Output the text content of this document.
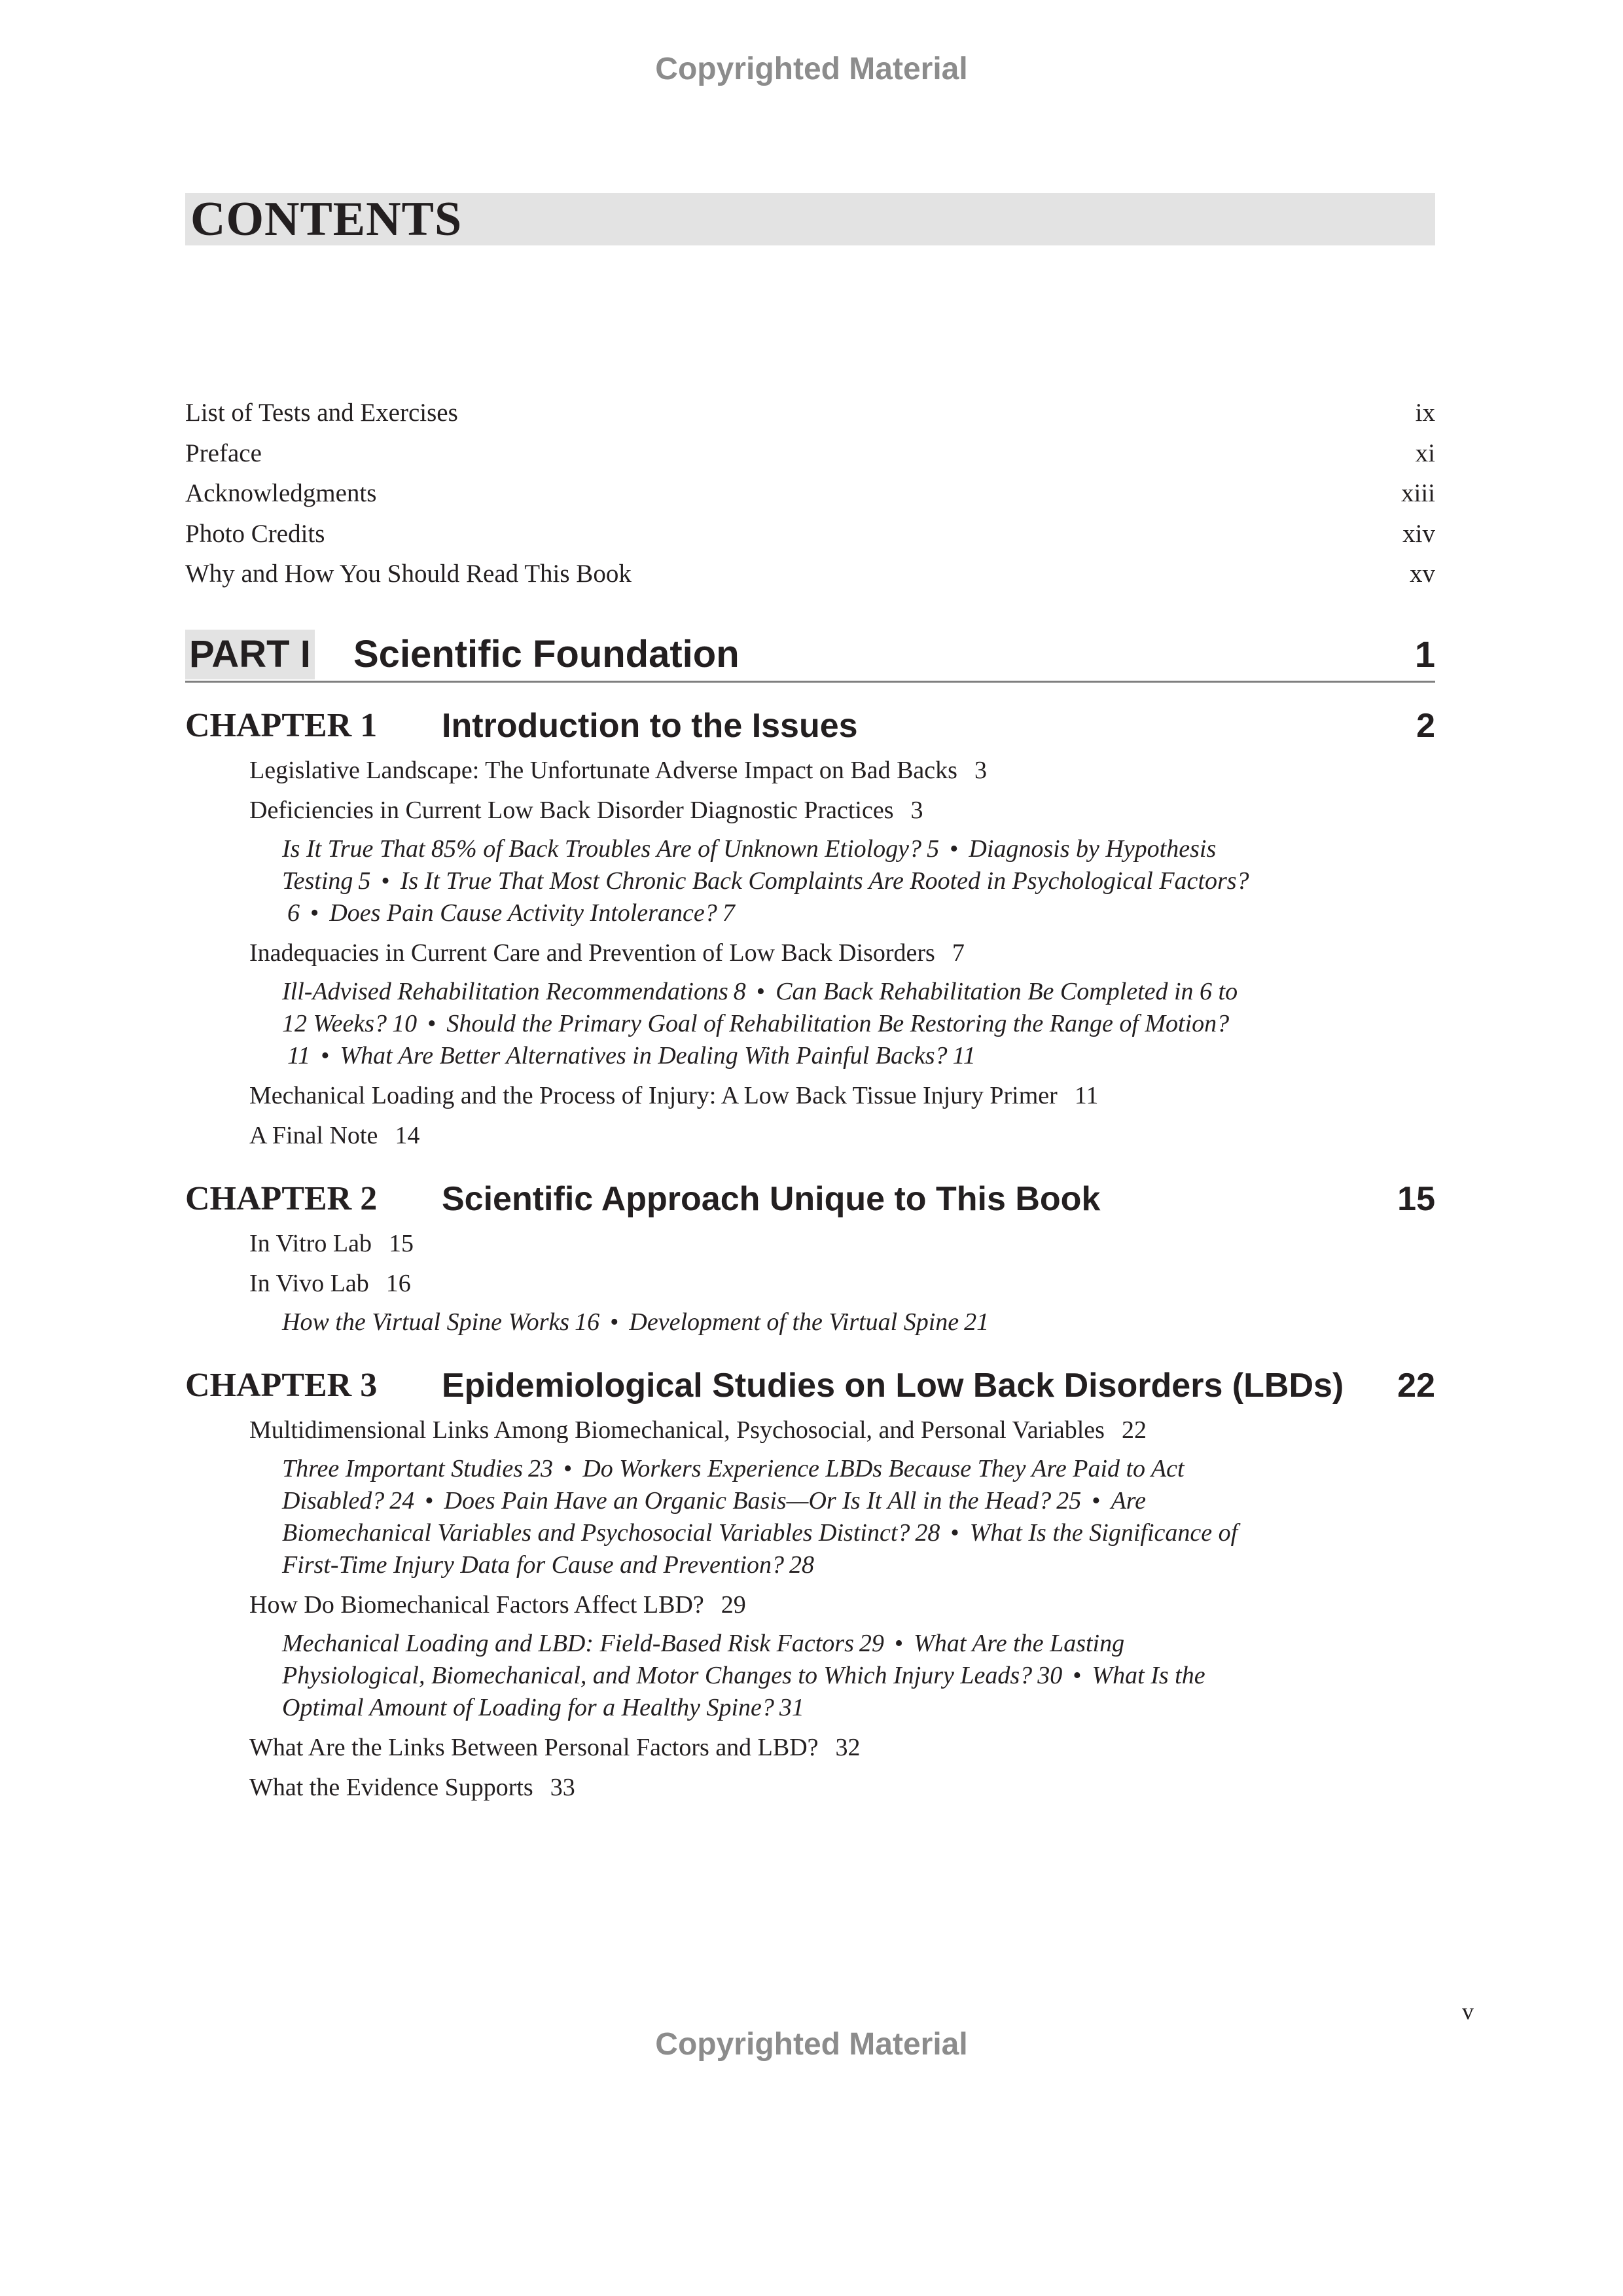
Copyrighted Material
CONTENTS
List of Tests and Exercises	ix
Preface	xi
Acknowledgments	xiii
Photo Credits	xiv
Why and How You Should Read This Book	xv
PART I Scientific Foundation	1
CHAPTER 1 Introduction to the Issues	2
Legislative Landscape: The Unfortunate Adverse Impact on Bad Backs 3
Deficiencies in Current Low Back Disorder Diagnostic Practices 3
Is It True That 85% of Back Troubles Are of Unknown Etiology? 5 • Diagnosis by Hypothesis Testing 5 • Is It True That Most Chronic Back Complaints Are Rooted in Psychological Factors?6 • Does Pain Cause Activity Intolerance? 7
Inadequacies in Current Care and Prevention of Low Back Disorders 7
Ill-Advised Rehabilitation Recommendations 8 • Can Back Rehabilitation Be Completed in 6 to 12 Weeks? 10 • Should the Primary Goal of Rehabilitation Be Restoring the Range of Motion?11 • What Are Better Alternatives in Dealing With Painful Backs? 11
Mechanical Loading and the Process of Injury: A Low Back Tissue Injury Primer 11
A Final Note 14
CHAPTER 2 Scientific Approach Unique to This Book	15
In Vitro Lab 15
In Vivo Lab 16
How the Virtual Spine Works 16 • Development of the Virtual Spine 21
CHAPTER 3 Epidemiological Studies on Low Back Disorders (LBDs) 22
Multidimensional Links Among Biomechanical, Psychosocial, and Personal Variables 22
Three Important Studies 23 • Do Workers Experience LBDs Because They Are Paid to Act Disabled? 24 • Does Pain Have an Organic Basis—Or Is It All in the Head? 25 • Are Biomechanical Variables and Psychosocial Variables Distinct? 28 • What Is the Significance of First-Time Injury Data for Cause and Prevention? 28
How Do Biomechanical Factors Affect LBD? 29
Mechanical Loading and LBD: Field-Based Risk Factors 29 • What Are the Lasting Physiological, Biomechanical, and Motor Changes to Which Injury Leads? 30 • What Is the Optimal Amount of Loading for a Healthy Spine? 31
What Are the Links Between Personal Factors and LBD? 32
What the Evidence Supports 33
v
Copyrighted Material
